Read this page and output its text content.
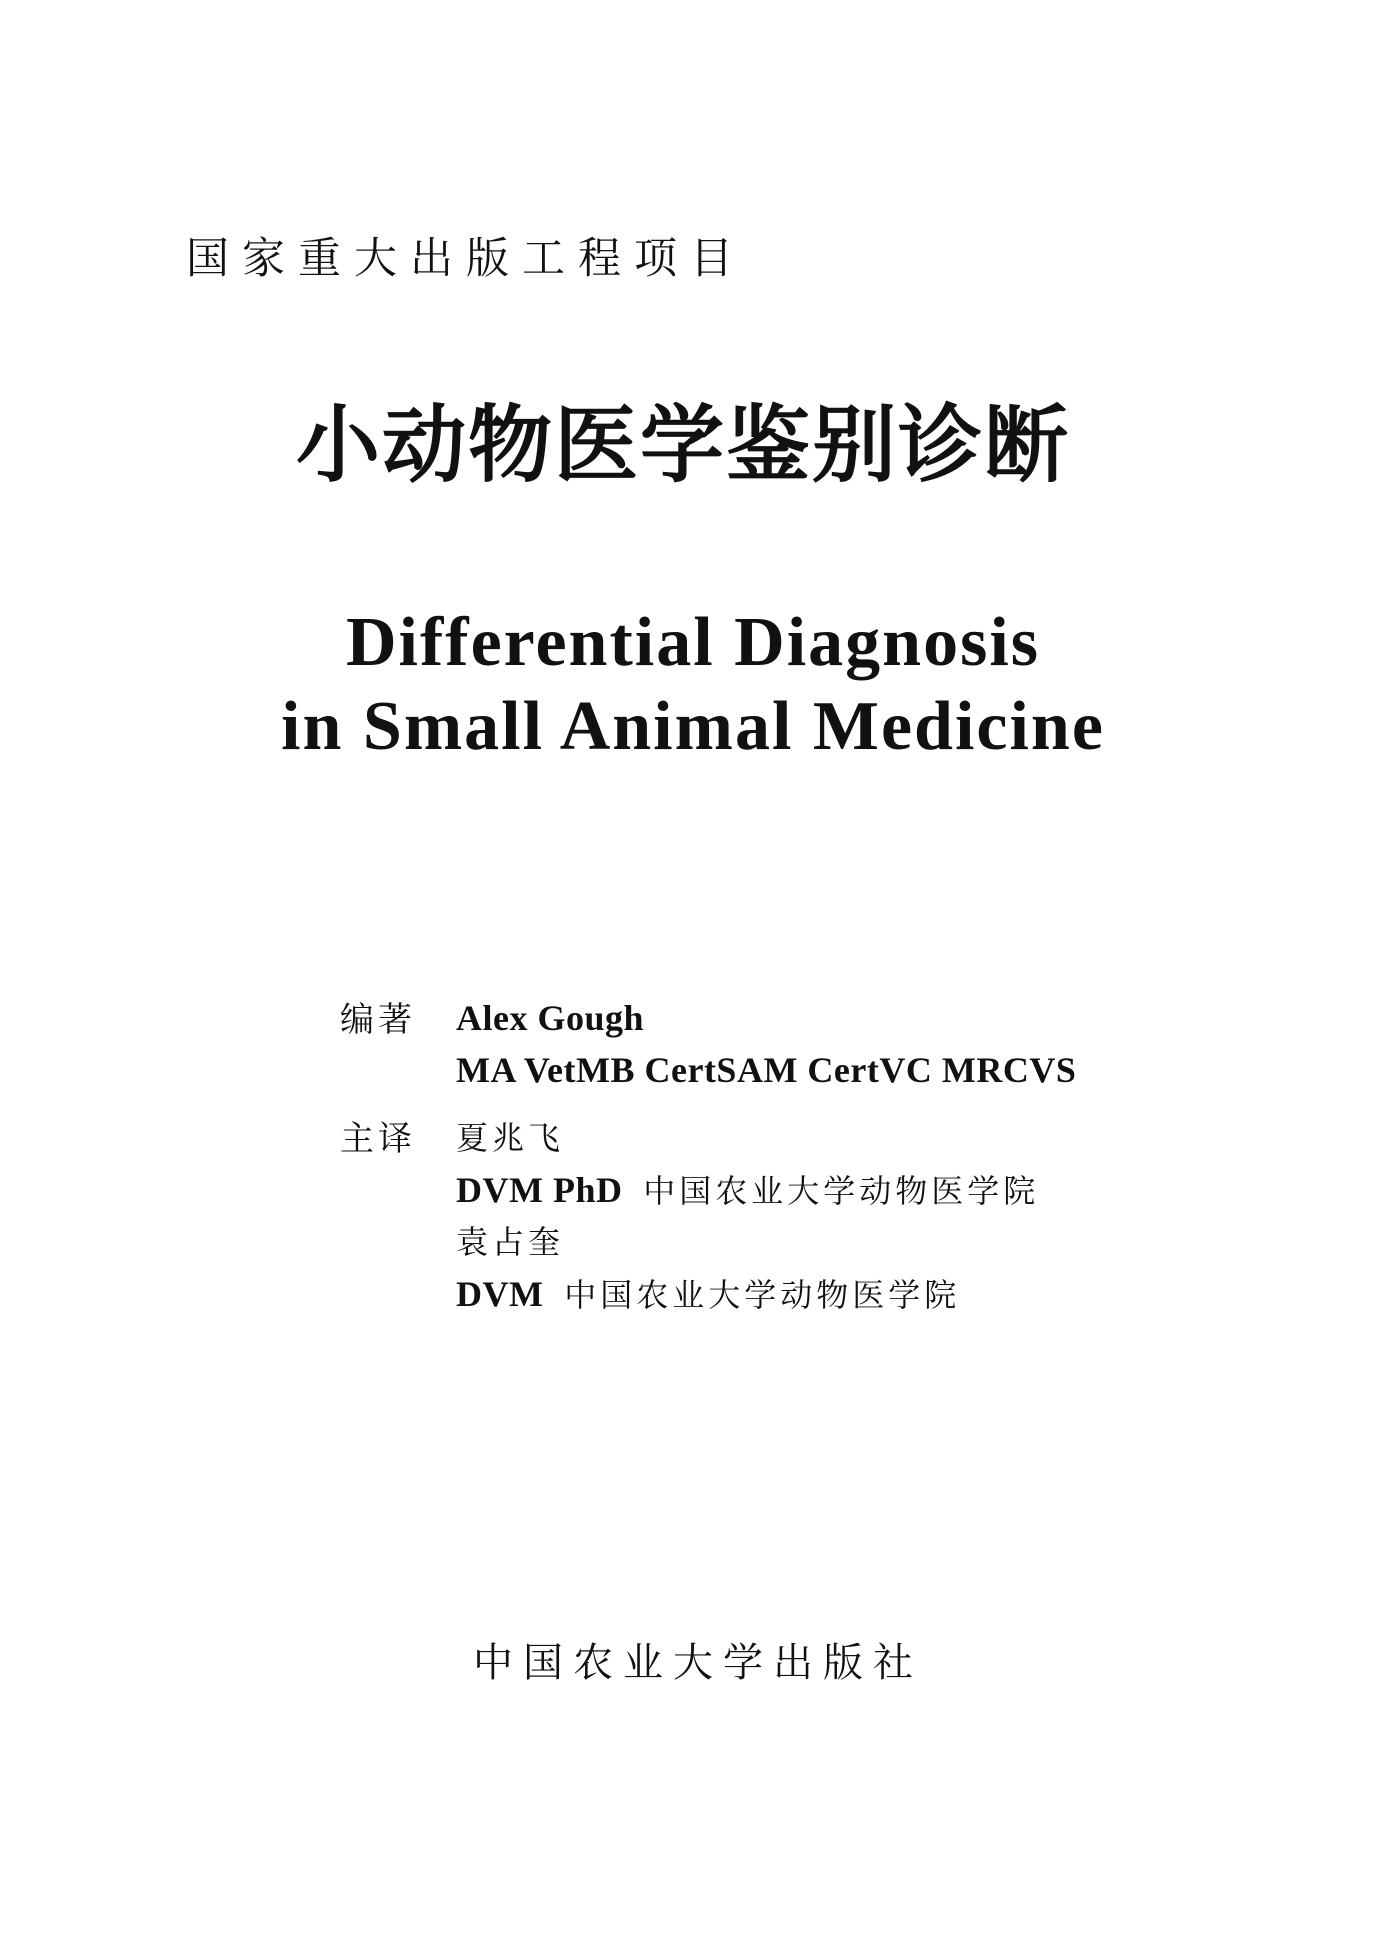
国家重大出版工程项目
小动物医学鉴别诊断
Differential Diagnosis
in Small Animal Medicine
编著 Alex Gough
MA VetMB CertSAM CertVC MRCVS
主译 夏兆飞
DVM PhD 中国农业大学动物医学院
袁占奎
DVM 中国农业大学动物医学院
中国农业大学出版社
